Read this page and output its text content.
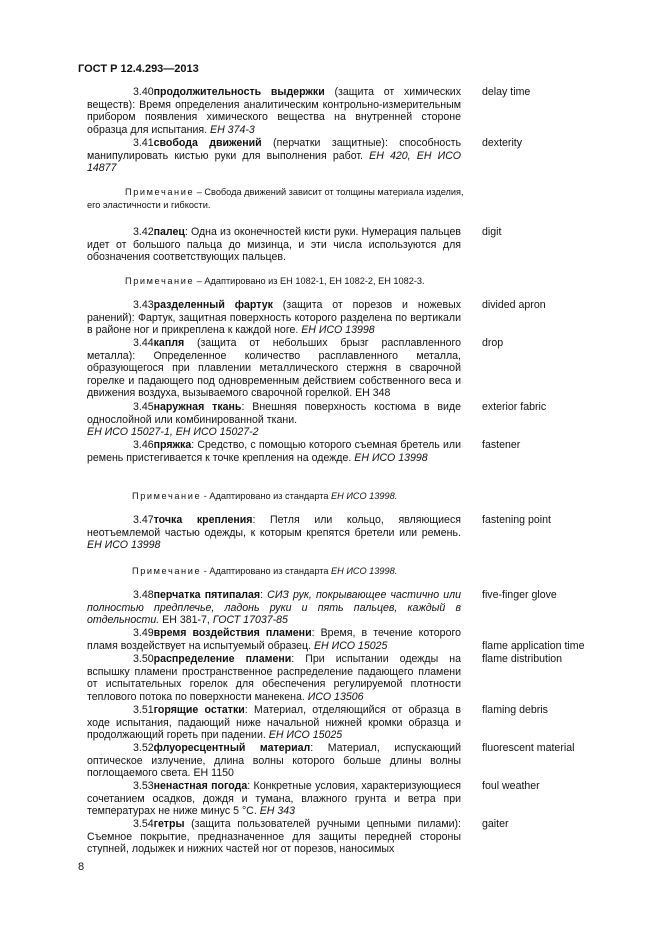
ГОСТ Р 12.4.293—2013
3.40продолжительность выдержки (защита от химических веществ): Время определения аналитическим контрольно-измерительным прибором появления химического вещества на внутренней стороне образца для испытания. ЕН 374-3
delay time
3.41свобода движений (перчатки защитные): способность манипулировать кистью руки для выполнения работ. ЕН 420, ЕН ИСО 14877
dexterity
Примечание – Свобода движений зависит от толщины материала изделия, его эластичности и гибкости.
3.42палец: Одна из оконечностей кисти руки. Нумерация пальцев идет от большого пальца до мизинца, и эти числа используются для обозначения соответствующих пальцев.
digit
Примечание – Адаптировано из ЕН 1082-1, ЕН 1082-2, ЕН 1082-3.
3.43разделенный фартук (защита от порезов и ножевых ранений): Фартук, защитная поверхность которого разделена по вертикали в районе ног и прикреплена к каждой ноге. ЕН ИСО 13998
divided apron
3.44капля (защита от небольших брызг расплавленного металла): Определенное количество расплавленного металла, образующегося при плавлении металлического стержня в сварочной горелке и падающего под одновременным действием собственного веса и движения воздуха, вызываемого сварочной горелкой. ЕН 348
drop
3.45наружная ткань: Внешняя поверхность костюма в виде однослойной или комбинированной ткани.
ЕН ИСО 15027-1, ЕН ИСО 15027-2
exterior fabric
3.46пряжка: Средство, с помощью которого съемная бретель или ремень пристегивается к точке крепления на одежде. ЕН ИСО 13998
fastener
Примечание - Адаптировано из стандарта ЕН ИСО 13998.
3.47точка крепления: Петля или кольцо, являющиеся неотъемлемой частью одежды, к которым крепятся бретели или ремень. ЕН ИСО 13998
fastening point
Примечание - Адаптировано из стандарта ЕН ИСО 13998.
3.48перчатка пятипалая: СИЗ рук, покрывающее частично или полностью предплечье, ладонь руки и пять пальцев, каждый в отдельности. ЕН 381-7, ГОСТ 17037-85
five-finger glove
3.49время воздействия пламени: Время, в течение которого пламя воздействует на испытуемый образец. ЕН ИСО 15025	flame application time
3.50распределение пламени: При испытании одежды на вспышку пламени пространственное распределение падающего пламени от испытательных горелок для обеспечения регулируемой плотности теплового потока по поверхности манекена. ИСО 13506
flame distribution
3.51горящие остатки: Материал, отделяющийся от образца в ходе испытания, падающий ниже начальной нижней кромки образца и продолжающий гореть при падении. ЕН ИСО 15025
flaming debris
3.52флуоресцентный материал: Материал, испускающий оптическое излучение, длина волны которого больше длины волны поглощаемого света. ЕН 1150
fluorescent material
3.53ненастная погода: Конкретные условия, характеризующиеся сочетанием осадков, дождя и тумана, влажного грунта и ветра при температурах не ниже минус 5 °С. ЕН 343
foul weather
3.54гетры (защита пользователей ручными цепными пилами): Съемное покрытие, предназначенное для защиты передней стороны ступней, лодыжек и нижних частей ног от порезов, наносимых
gaiter
8
